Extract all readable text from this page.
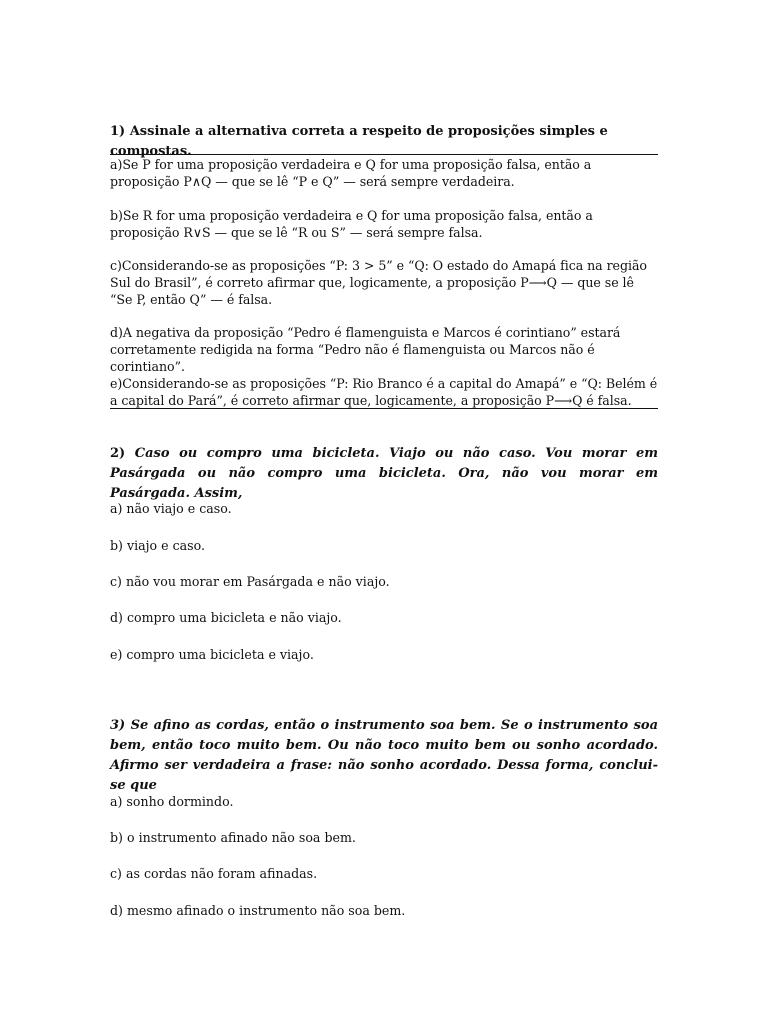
1) Assinale a alternativa correta a respeito de proposições simples e compostas.

a)Se P for uma proposição verdadeira e Q for uma proposição falsa, então a proposição P∧Q — que se lê “P e Q” — será sempre verdadeira.

b)Se R for uma proposição verdadeira e Q for uma proposição falsa, então a proposição R∨S — que se lê “R ou S” — será sempre falsa.

c)Considerando-se as proposições “P: 3 > 5” e “Q: O estado do Amapá fica na região Sul do Brasil”, é correto afirmar que, logicamente, a proposição P⟶Q — que se lê “Se P, então Q” — é falsa.

d)A negativa da proposição “Pedro é flamenguista e Marcos é corintiano” estará corretamente redigida na forma “Pedro não é flamenguista ou Marcos não é corintiano”.

e)Considerando-se as proposições “P: Rio Branco é a capital do Amapá” e “Q: Belém é a capital do Pará”, é correto afirmar que, logicamente, a proposição P⟶Q é falsa.

2) Caso ou compro uma bicicleta. Viajo ou não caso. Vou morar em Pasárgada ou não compro uma bicicleta. Ora, não vou morar em Pasárgada. Assim,

a) não viajo e caso.

b) viajo e caso.

c) não vou morar em Pasárgada e não viajo.

d) compro uma bicicleta e não viajo.

e) compro uma bicicleta e viajo.

3) Se afino as cordas, então o instrumento soa bem. Se o instrumento soa bem, então toco muito bem. Ou não toco muito bem ou sonho acordado. Afirmo ser verdadeira a frase: não sonho acordado. Dessa forma, conclui-se que

a) sonho dormindo.

b) o instrumento afinado não soa bem.

c) as cordas não foram afinadas.

d) mesmo afinado o instrumento não soa bem.
